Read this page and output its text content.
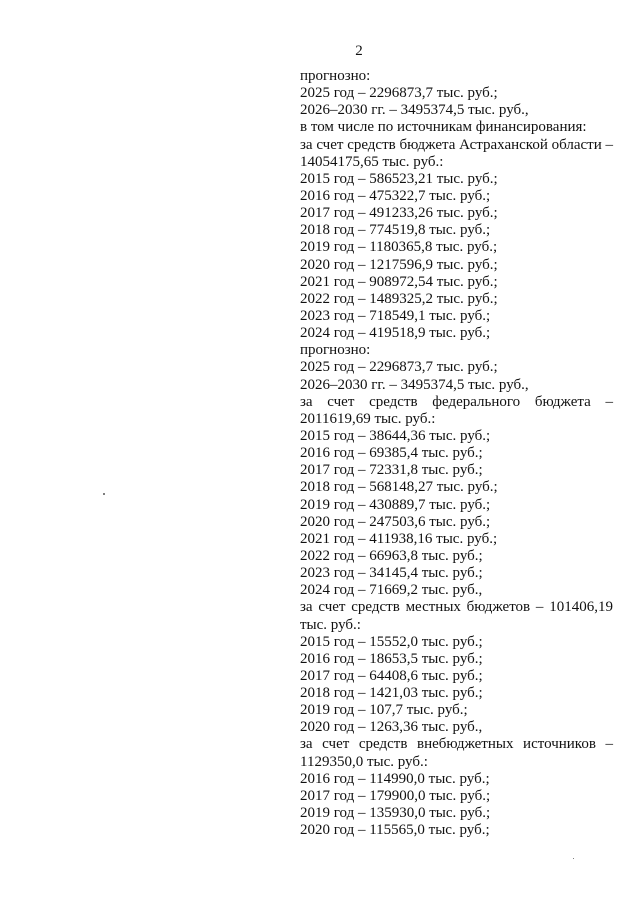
2
прогнозно:
2025 год – 2296873,7 тыс. руб.;
2026–2030 гг. – 3495374,5 тыс. руб.,
в том числе по источникам финансирования:
за счет средств бюджета Астраханской области –
14054175,65 тыс. руб.:
2015 год – 586523,21 тыс. руб.;
2016 год – 475322,7 тыс. руб.;
2017 год – 491233,26 тыс. руб.;
2018 год – 774519,8 тыс. руб.;
2019 год – 1180365,8 тыс. руб.;
2020 год – 1217596,9 тыс. руб.;
2021 год – 908972,54 тыс. руб.;
2022 год – 1489325,2 тыс. руб.;
2023 год – 718549,1 тыс. руб.;
2024 год – 419518,9 тыс. руб.;
прогнозно:
2025 год – 2296873,7 тыс. руб.;
2026–2030 гг. – 3495374,5 тыс. руб.,
за счет средств федерального бюджета –
2011619,69 тыс. руб.:
2015 год – 38644,36 тыс. руб.;
2016 год – 69385,4 тыс. руб.;
2017 год – 72331,8 тыс. руб.;
2018 год – 568148,27 тыс. руб.;
2019 год – 430889,7 тыс. руб.;
2020 год – 247503,6 тыс. руб.;
2021 год – 411938,16 тыс. руб.;
2022 год – 66963,8 тыс. руб.;
2023 год – 34145,4 тыс. руб.;
2024 год – 71669,2 тыс. руб.,
за счет средств местных бюджетов – 101406,19
тыс. руб.:
2015 год – 15552,0 тыс. руб.;
2016 год – 18653,5 тыс. руб.;
2017 год – 64408,6 тыс. руб.;
2018 год – 1421,03 тыс. руб.;
2019 год – 107,7 тыс. руб.;
2020 год – 1263,36 тыс. руб.,
за счет средств внебюджетных источников –
1129350,0 тыс. руб.:
2016 год – 114990,0 тыс. руб.;
2017 год – 179900,0 тыс. руб.;
2019 год – 135930,0 тыс. руб.;
2020 год – 115565,0 тыс. руб.;
